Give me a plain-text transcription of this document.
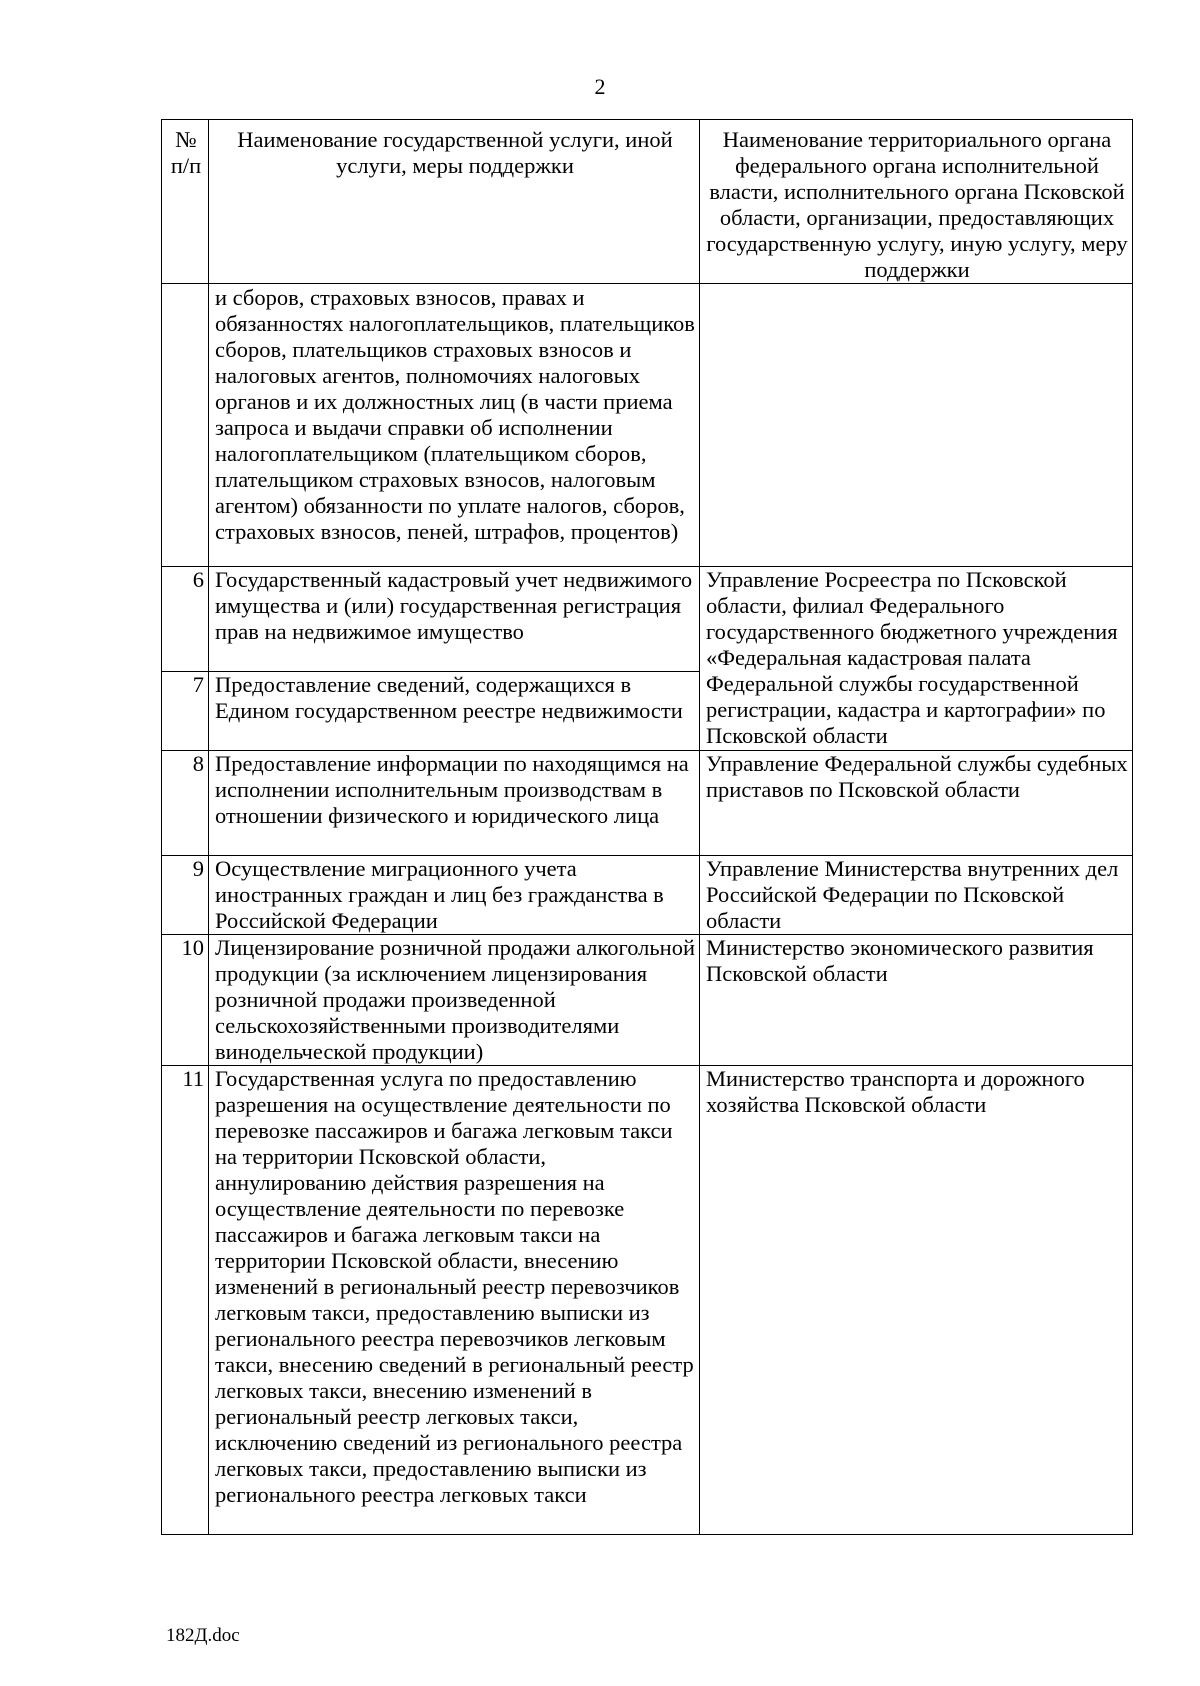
2
№ п/п	Наименование государственной услуги, иной услуги, меры поддержки	Наименование территориального органа федерального органа исполнительной власти, исполнительного органа Псковской области, организации, предоставляющих государственную услугу, иную услугу, меру поддержки
	и сборов, страховых взносов, правах и обязанностях налогоплательщиков, плательщиков сборов, плательщиков страховых взносов и налоговых агентов, полномочиях налоговых органов и их должностных лиц (в части приема запроса и выдачи справки об исполнении налогоплательщиком (плательщиком сборов, плательщиком страховых взносов, налоговым агентом) обязанности по уплате налогов, сборов, страховых взносов, пеней, штрафов, процентов)	
6	Государственный кадастровый учет недвижимого имущества и (или) государственная регистрация прав на недвижимое имущество	Управление Росреестра по Псковской области, филиал Федерального государственного бюджетного учреждения «Федеральная кадастровая палата Федеральной службы государственной регистрации, кадастра и картографии» по Псковской области
7	Предоставление сведений, содержащихся в Едином государственном реестре недвижимости	
8	Предоставление информации по находящимся на исполнении исполнительным производствам в отношении физического и юридического лица	Управление Федеральной службы судебных приставов по Псковской области
9	Осуществление миграционного учета иностранных граждан и лиц без гражданства в Российской Федерации	Управление Министерства внутренних дел Российской Федерации по Псковской области
10	Лицензирование розничной продажи алкогольной продукции (за исключением лицензирования розничной продажи произведенной сельскохозяйственными производителями винодельческой продукции)	Министерство экономического развития Псковской области
11	Государственная услуга по предоставлению разрешения на осуществление деятельности по перевозке пассажиров и багажа легковым такси на территории Псковской области, аннулированию действия разрешения на осуществление деятельности по перевозке пассажиров и багажа легковым такси на территории Псковской области, внесению изменений в региональный реестр перевозчиков легковым такси, предоставлению выписки из регионального реестра перевозчиков легковым такси, внесению сведений в региональный реестр легковых такси, внесению изменений в региональный реестр легковых такси, исключению сведений из регионального реестра легковых такси, предоставлению выписки из регионального реестра легковых такси	Министерство транспорта и дорожного хозяйства Псковской области
182Д.doc
